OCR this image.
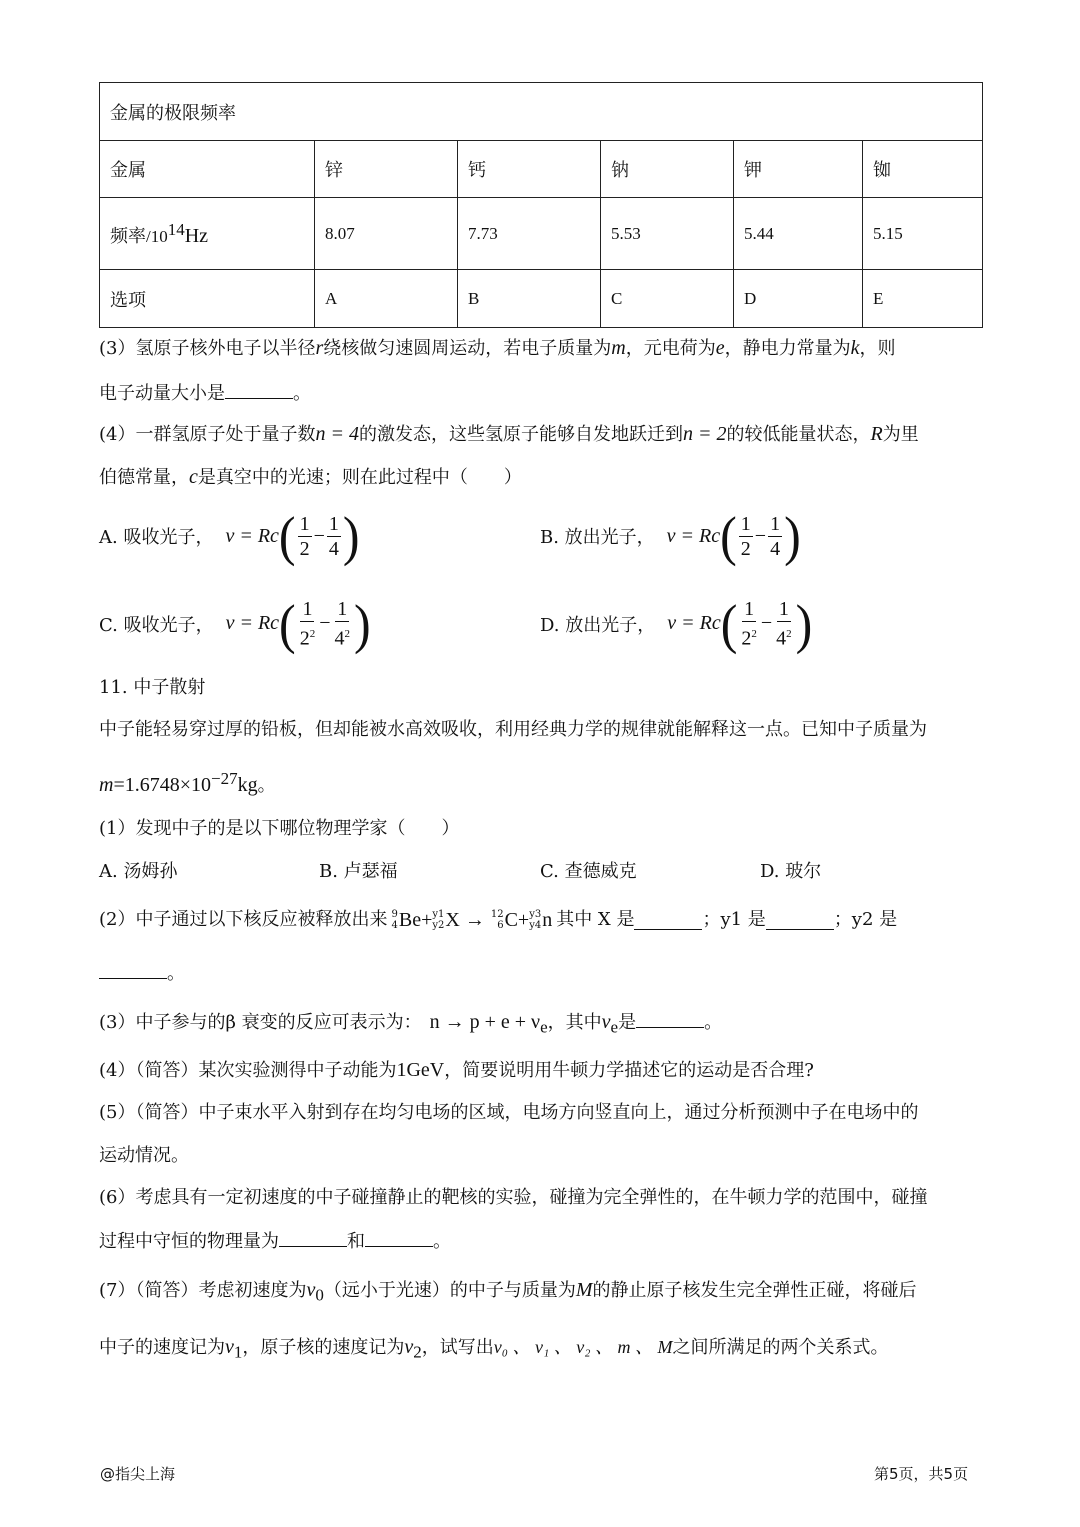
金属的极限频率					
金属	锌	钙	钠	钾	铷
频率$/10^{14}Hz$	8.07	7.73	5.53	5.44	5.15
选项	A	B	C	D	E
(3）氢原子核外电子以半径r绕核做匀速圆周运动，若电子质量为m，元电荷为e，静电力常量为k，则
电子动量大小是	。
(4）一群氢原子处于量子数n = 4的激发态，这些氢原子能够自发地跃迁到n = 2的较低能量状态，R为里
伯德常量，c是真空中的光速；则在此过程中（　　）
A. 吸收光子， ν = Rc ( $\frac{1}{2} - \frac{1}{4}$ )	B. 放出光子， ν = Rc ( $\frac{1}{2} - \frac{1}{4}$ )
C. 吸收光子， ν = Rc ( $\frac{1}{2^2} - \frac{1}{4^2}$ )	D. 放出光子， ν = Rc ( $\frac{1}{2^2} - \frac{1}{4^2}$ )
11. 中子散射
中子能轻易穿过厚的铅板，但却能被水高效吸收，利用经典力学的规律就能解释这一点。已知中子质量为
$m=1.6748\times 10^{-27}kg$。
(1）发现中子的是以下哪位物理学家（　　）
A. 汤姆孙	B. 卢瑟福	C. 查德威克	D. 玻尔
(2）中子通过以下核反应被释放出来 9
4 Be+ y1
y2 X → 12
6 C+ y3
y4 n 其中 X 是	；y1 是	；y2 是
。
(3）中子参与的β 衰变的反应可表示为： $n \to p + e + \nu_e$，其中$\nu_e$是	。
(4）（简答）某次实验测得中子动能为1GeV，简要说明用牛顿力学描述它的运动是否合理?
(5）（简答）中子束水平入射到存在均匀电场的区域，电场方向竖直向上，通过分析预测中子在电场中的
运动情况。
(6）考虑具有一定初速度的中子碰撞静止的靶核的实验，碰撞为完全弹性的，在牛顿力学的范围中，碰撞
过程中守恒的物理量为	和	。
(7）（简答）考虑初速度为$v_0$（远小于光速）的中子与质量为M的静止原子核发生完全弹性正碰，将碰后
中子的速度记为$v_1$，原子核的速度记为$v_2$，试写出v₀ 、 v₁ 、 v₂ 、 m 、 M之间所满足的两个关系式。
@指尖上海	第5页，共5页
